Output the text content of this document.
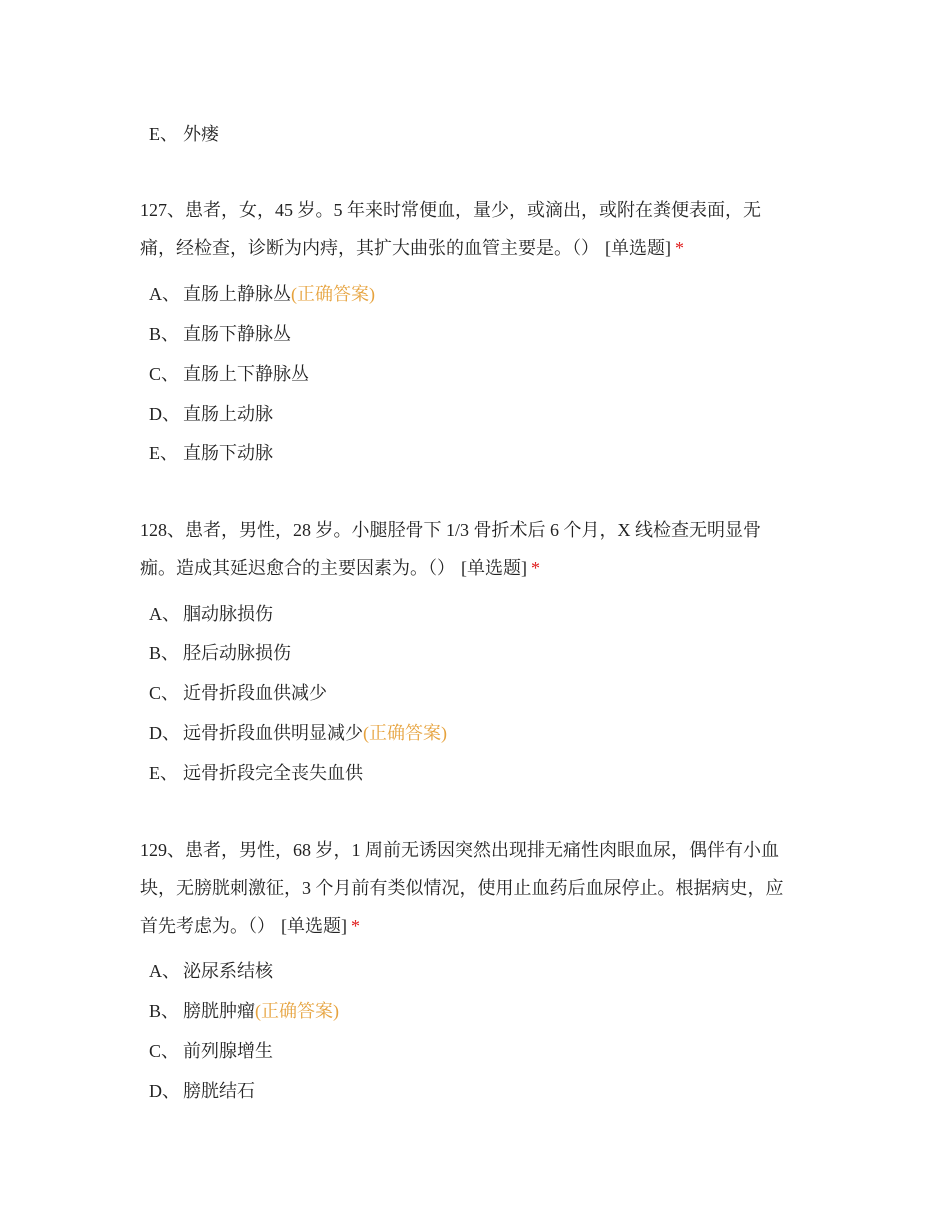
E、 外瘘
127、患者，女，45 岁。5 年来时常便血，量少，或滴出，或附在粪便表面，无
痛，经检查，诊断为内痔，其扩大曲张的血管主要是。（） [单选题] *
A、 直肠上静脉丛(正确答案)
B、 直肠下静脉丛
C、 直肠上下静脉丛
D、 直肠上动脉
E、 直肠下动脉
128、患者，男性，28 岁。小腿胫骨下 1/3 骨折术后 6 个月，X 线检查无明显骨
痂。造成其延迟愈合的主要因素为。（） [单选题] *
A、 腘动脉损伤
B、 胫后动脉损伤
C、 近骨折段血供减少
D、 远骨折段血供明显减少(正确答案)
E、 远骨折段完全丧失血供
129、患者，男性，68 岁，1 周前无诱因突然出现排无痛性肉眼血尿，偶伴有小血
块，无膀胱刺激征，3 个月前有类似情况，使用止血药后血尿停止。根据病史，应
首先考虑为。（） [单选题] *
A、 泌尿系结核
B、 膀胱肿瘤(正确答案)
C、 前列腺增生
D、 膀胱结石
